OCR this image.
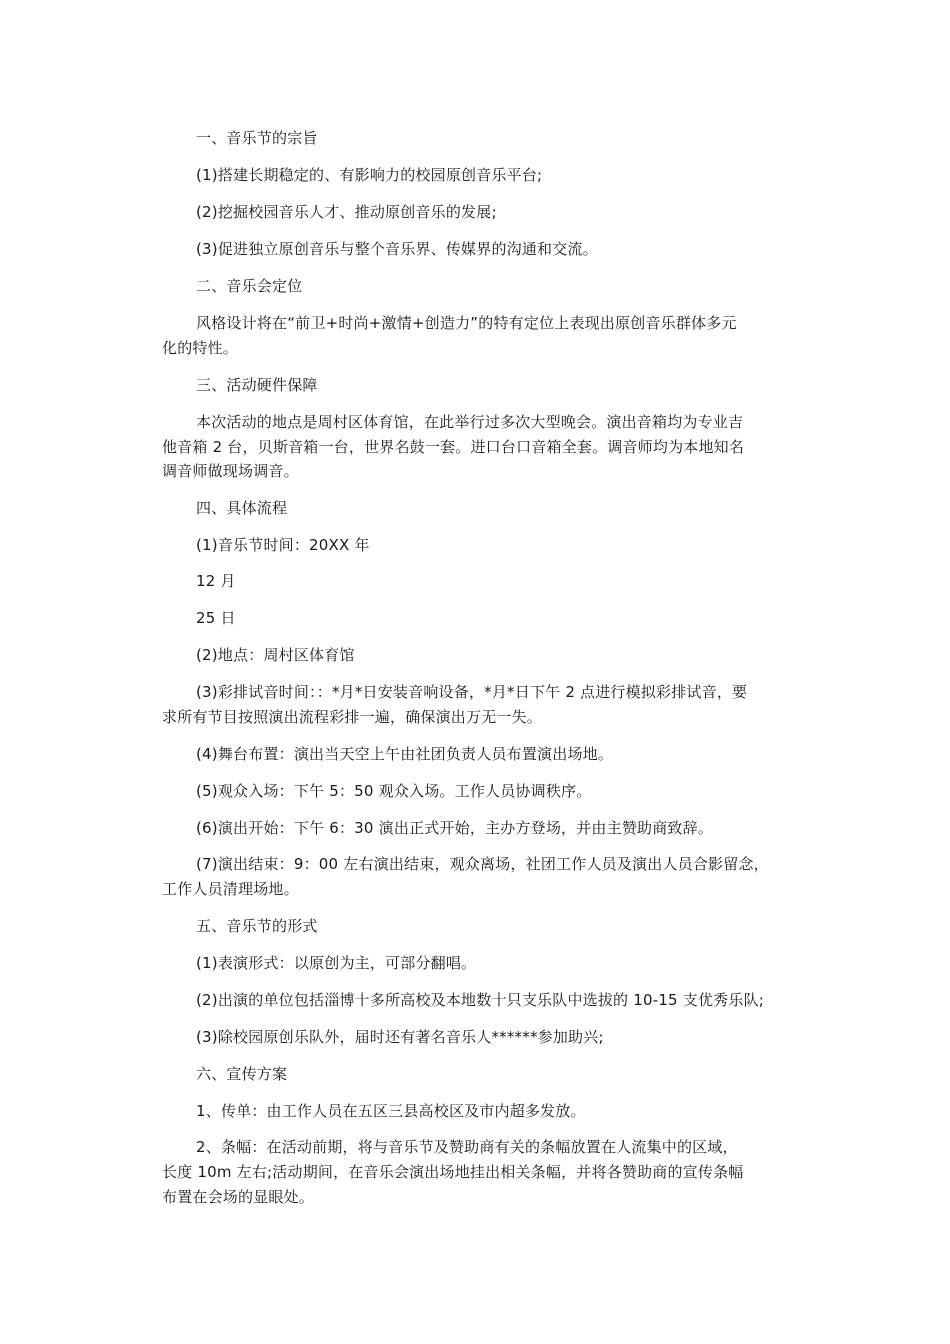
一、音乐节的宗旨
(1)搭建长期稳定的、有影响力的校园原创音乐平台;
(2)挖掘校园音乐人才、推动原创音乐的发展;
(3)促进独立原创音乐与整个音乐界、传媒界的沟通和交流。
二、音乐会定位
风格设计将在“前卫+时尚+激情+创造力”的特有定位上表现出原创音乐群体多元
化的特性。
三、活动硬件保障
本次活动的地点是周村区体育馆，在此举行过多次大型晚会。演出音箱均为专业吉
他音箱 2 台，贝斯音箱一台，世界名鼓一套。进口台口音箱全套。调音师均为本地知名
调音师做现场调音。
四、具体流程
(1)音乐节时间：20XX 年
12 月
25 日
(2)地点：周村区体育馆
(3)彩排试音时间：：*月*日安装音响设备，*月*日下午 2 点进行模拟彩排试音，要
求所有节目按照演出流程彩排一遍，确保演出万无一失。
(4)舞台布置：演出当天空上午由社团负责人员布置演出场地。
(5)观众入场：下午 5：50 观众入场。工作人员协调秩序。
(6)演出开始：下午 6：30 演出正式开始，主办方登场，并由主赞助商致辞。
(7)演出结束：9：00 左右演出结束，观众离场，社团工作人员及演出人员合影留念，
工作人员清理场地。
五、音乐节的形式
(1)表演形式：以原创为主，可部分翻唱。
(2)出演的单位包括淄博十多所高校及本地数十只支乐队中选拔的 10-15 支优秀乐队;
(3)除校园原创乐队外，届时还有著名音乐人******参加助兴;
六、宣传方案
1、传单：由工作人员在五区三县高校区及市内超多发放。
2、条幅：在活动前期，将与音乐节及赞助商有关的条幅放置在人流集中的区域，
长度 10m 左右;活动期间，在音乐会演出场地挂出相关条幅，并将各赞助商的宣传条幅
布置在会场的显眼处。
